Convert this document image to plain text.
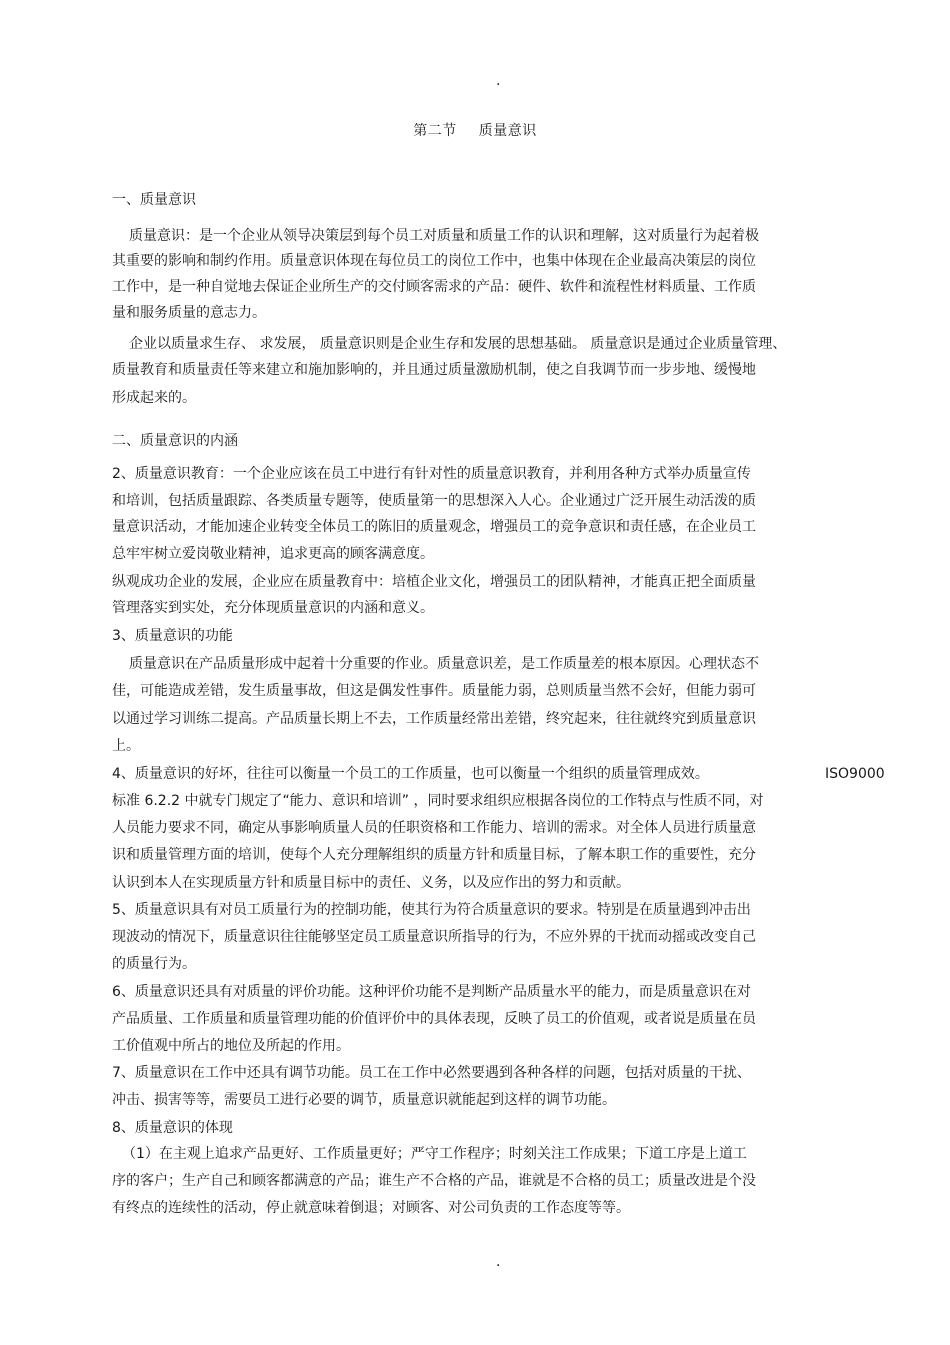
.
第二节 质量意识
一、质量意识
质量意识：是一个企业从领导决策层到每个员工对质量和质量工作的认识和理解，这对质量行为起着极
其重要的影响和制约作用。质量意识体现在每位员工的岗位工作中，也集中体现在企业最高决策层的岗位
工作中，是一种自觉地去保证企业所生产的交付顾客需求的产品：硬件、软件和流程性材料质量、工作质
量和服务质量的意志力。
企业以质量求生存、 求发展， 质量意识则是企业生存和发展的思想基础。 质量意识是通过企业质量管理、
质量教育和质量责任等来建立和施加影响的，并且通过质量激励机制，使之自我调节而一步步地、缓慢地
形成起来的。
二、质量意识的内涵
2、质量意识教育：一个企业应该在员工中进行有针对性的质量意识教育，并利用各种方式举办质量宣传
和培训，包括质量跟踪、各类质量专题等，使质量第一的思想深入人心。企业通过广泛开展生动活泼的质
量意识活动，才能加速企业转变全体员工的陈旧的质量观念，增强员工的竞争意识和责任感，在企业员工
总牢牢树立爱岗敬业精神，追求更高的顾客满意度。
纵观成功企业的发展，企业应在质量教育中：培植企业文化，增强员工的团队精神，才能真正把全面质量
管理落实到实处，充分体现质量意识的内涵和意义。
3、质量意识的功能
质量意识在产品质量形成中起着十分重要的作业。质量意识差，是工作质量差的根本原因。心理状态不
佳，可能造成差错，发生质量事故，但这是偶发性事件。质量能力弱，总则质量当然不会好，但能力弱可
以通过学习训练二提高。产品质量长期上不去，工作质量经常出差错，终究起来，往往就终究到质量意识
上。
4、质量意识的好坏，往往可以衡量一个员工的工作质量，也可以衡量一个组织的质量管理成效。	ISO9000
标准 6.2.2 中就专门规定了“能力、意识和培训” ，同时要求组织应根据各岗位的工作特点与性质不同，对
人员能力要求不同，确定从事影响质量人员的任职资格和工作能力、培训的需求。对全体人员进行质量意
识和质量管理方面的培训，使每个人充分理解组织的质量方针和质量目标，了解本职工作的重要性，充分
认识到本人在实现质量方针和质量目标中的责任、义务，以及应作出的努力和贡献。
5、质量意识具有对员工质量行为的控制功能，使其行为符合质量意识的要求。特别是在质量遇到冲击出
现波动的情况下，质量意识往往能够坚定员工质量意识所指导的行为，不应外界的干扰而动摇或改变自己
的质量行为。
6、质量意识还具有对质量的评价功能。这种评价功能不是判断产品质量水平的能力，而是质量意识在对
产品质量、工作质量和质量管理功能的价值评价中的具体表现，反映了员工的价值观，或者说是质量在员
工价值观中所占的地位及所起的作用。
7、质量意识在工作中还具有调节功能。员工在工作中必然要遇到各种各样的问题，包括对质量的干扰、
冲击、损害等等，需要员工进行必要的调节，质量意识就能起到这样的调节功能。
8、质量意识的体现
（1）在主观上追求产品更好、工作质量更好；严守工作程序；时刻关注工作成果；下道工序是上道工
序的客户；生产自己和顾客都满意的产品；谁生产不合格的产品，谁就是不合格的员工；质量改进是个没
有终点的连续性的活动，停止就意味着倒退；对顾客、对公司负责的工作态度等等。
.
